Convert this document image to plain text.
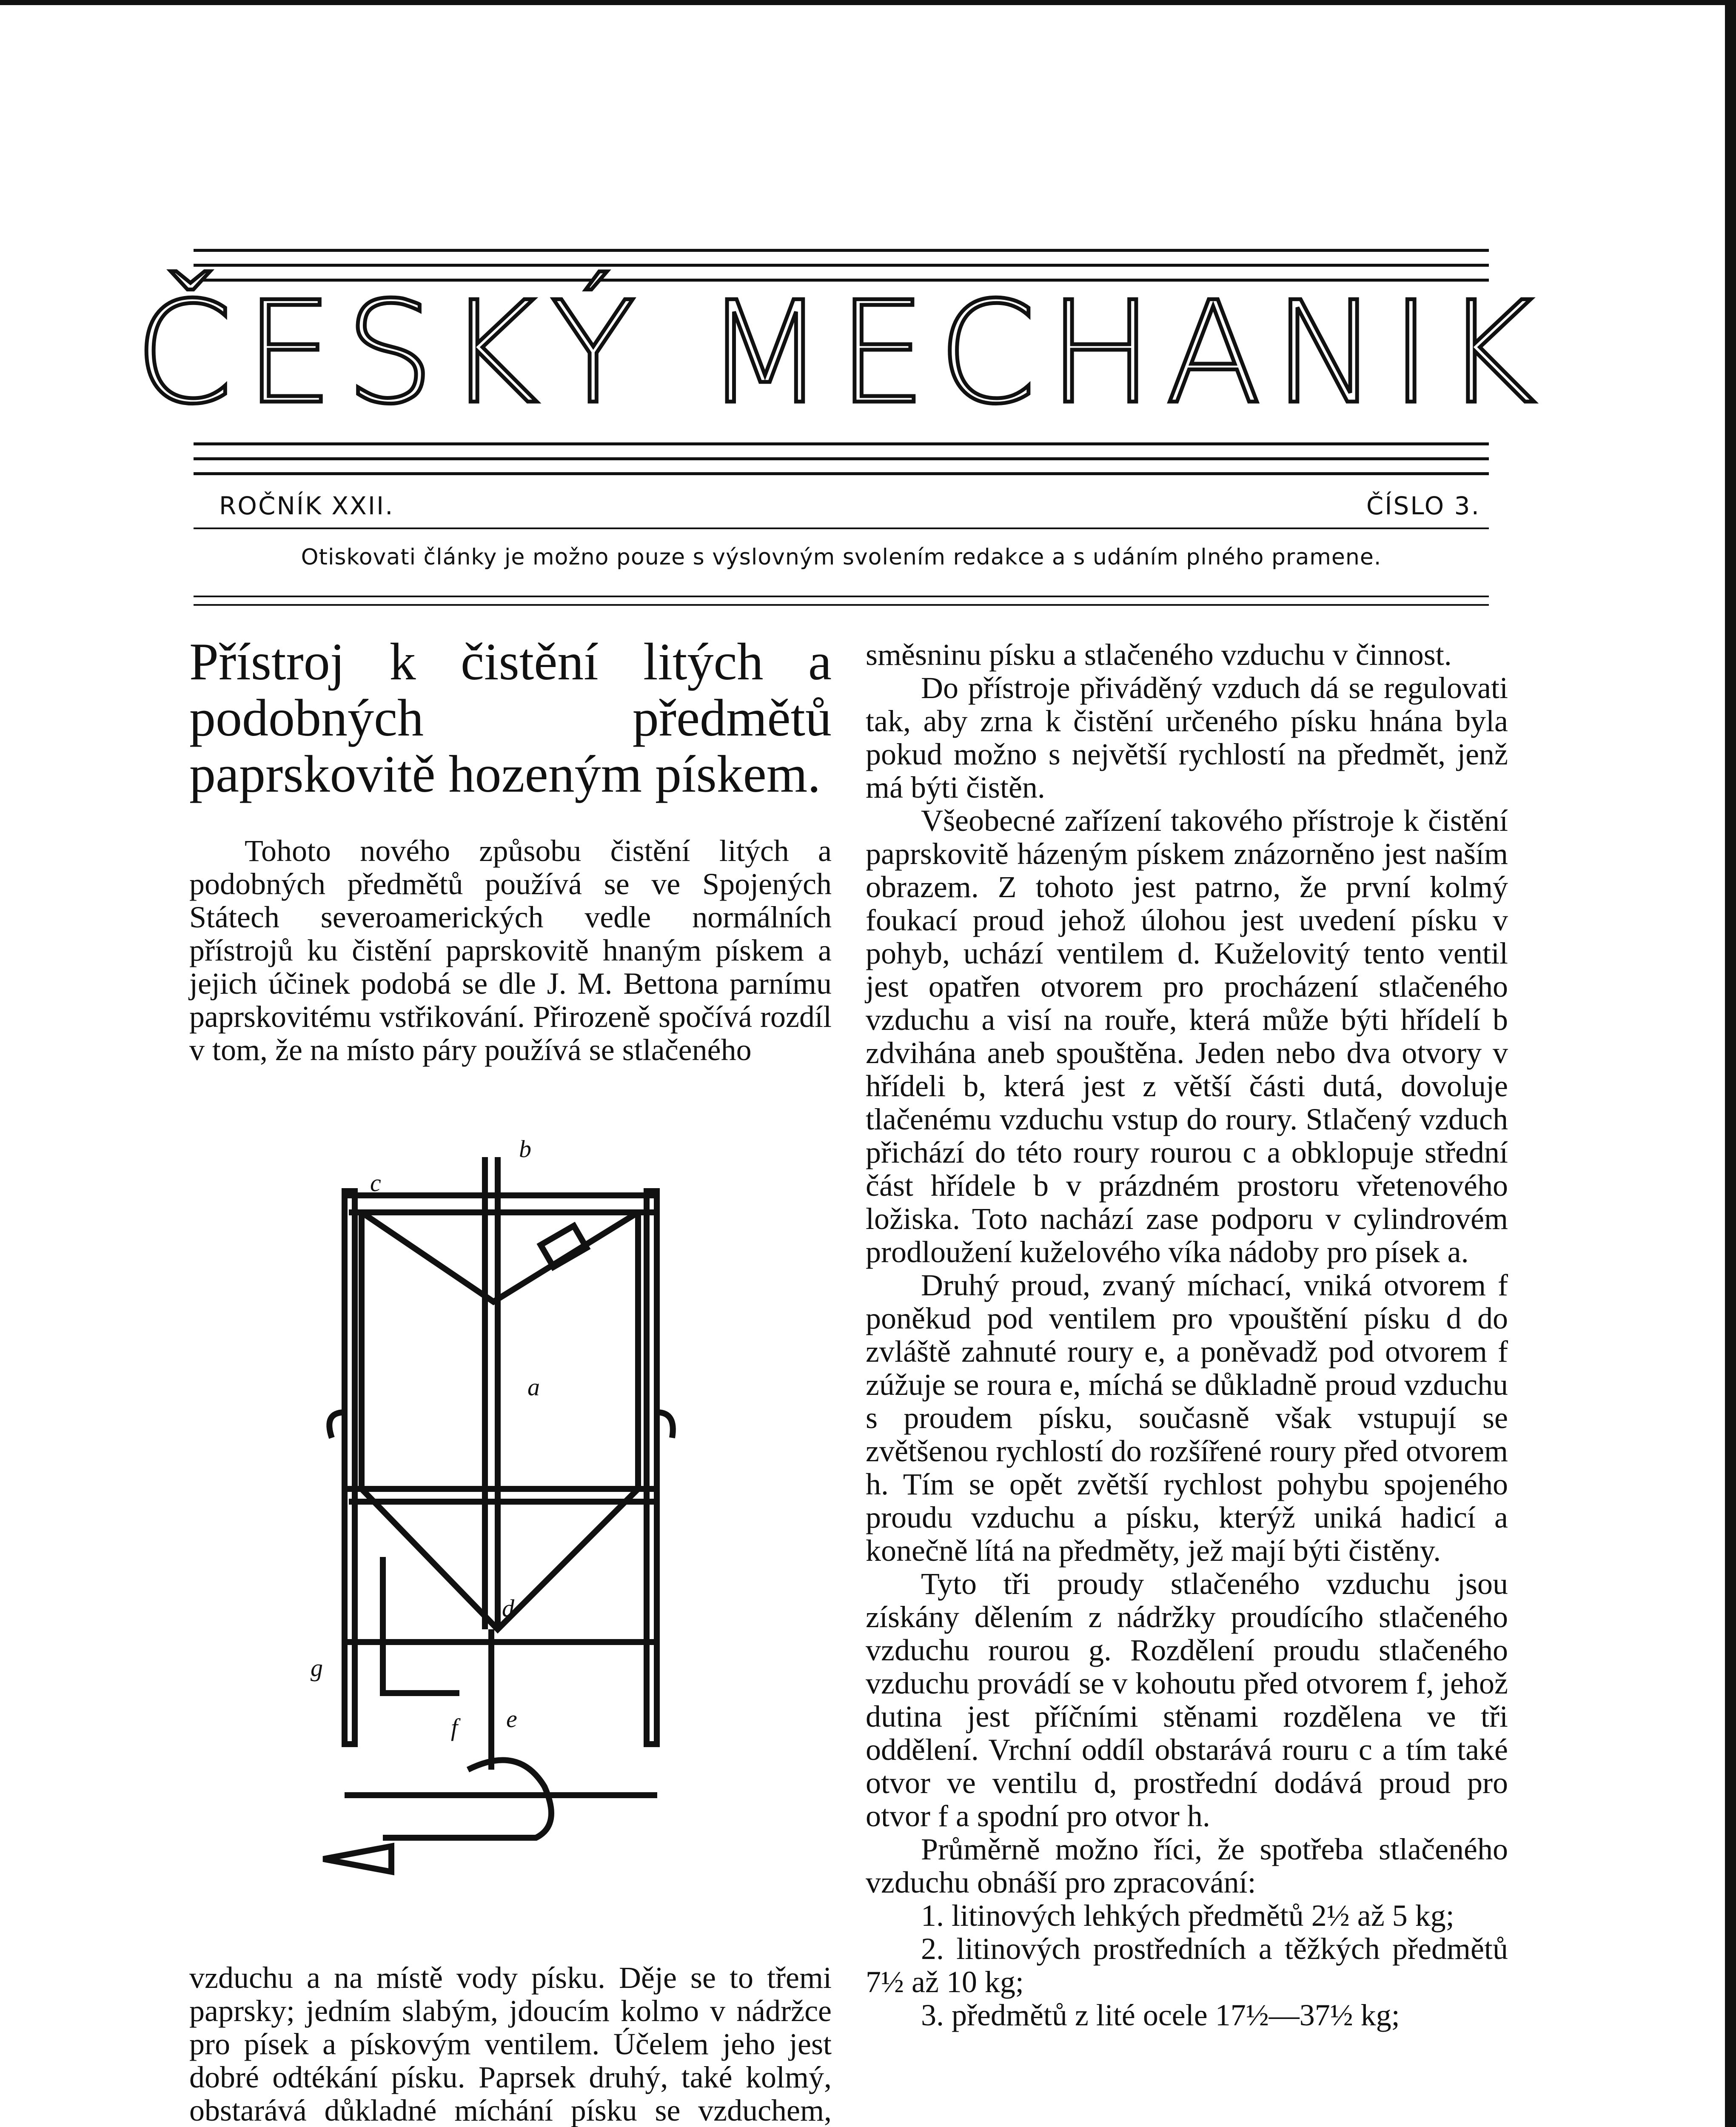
ČESKÝ MECHANIK
ROČNÍK XXII.	ČÍSLO 3.
Otiskovati články je možno pouze s výslovným svolením redakce a s udáním plného pramene.
Přístroj k čistění litých a podobných předmětů paprskovitě hozeným pískem.

Tohoto nového způsobu čistění litých a podobných předmětů používá se ve Spojených Státech severoamerických vedle normálních přístrojů ku čistění paprskovitě hnaným pískem a jejich účinek podobá se dle J. M. Bettona parnímu paprskovitému vstřikování. Přirozeně spočívá rozdíl v tom, že na místo páry používá se stlačeného

b
c
d
e
f
g
a

vzduchu a na místě vody písku. Děje se to třemi paprsky; jedním slabým, jdoucím kolmo v nádržce pro písek a pískovým ventilem. Účelem jeho jest dobré odtékání písku. Paprsek druhý, také kolmý, obstarává důkladné míchání písku se vzduchem,

směsninu písku a stlačeného vzduchu v činnost.

Do přístroje přiváděný vzduch dá se regulovati tak, aby zrna k čistění určeného písku hnána byla pokud možno s největší rychlostí na předmět, jenž má býti čistěn.

Všeobecné zařízení takového přístroje k čistění paprskovitě házeným pískem znázorněno jest naším obrazem. Z tohoto jest patrno, že první kolmý foukací proud jehož úlohou jest uvedení písku v pohyb, uchází ventilem d. Kuželovitý tento ventil jest opatřen otvorem pro procházení stlačeného vzduchu a visí na rouře, která může býti hřídelí b zdvihána aneb spouštěna. Jeden nebo dva otvory v hřídeli b, která jest z větší části dutá, dovoluje tlačenému vzduchu vstup do roury. Stlačený vzduch přichází do této roury rourou c a obklopuje střední část hřídele b v prázdném prostoru vřetenového ložiska. Toto nachází zase podporu v cylindrovém prodloužení kuželového víka nádoby pro písek a.

Druhý proud, zvaný míchací, vniká otvorem f poněkud pod ventilem pro vpouštění písku d do zvláště zahnuté roury e, a poněvadž pod otvorem f zúžuje se roura e, míchá se důkladně proud vzduchu s proudem písku, současně však vstupují se zvětšenou rychlostí do rozšířené roury před otvorem h. Tím se opět zvětší rychlost pohybu spojeného proudu vzduchu a písku, kterýž uniká hadicí a konečně lítá na předměty, jež mají býti čistěny.

Tyto tři proudy stlačeného vzduchu jsou získány dělením z nádržky proudícího stlačeného vzduchu rourou g. Rozdělení proudu stlačeného vzduchu provádí se v kohoutu před otvorem f, jehož dutina jest příčními stěnami rozdělena ve tři oddělení. Vrchní oddíl obstarává rouru c a tím také otvor ve ventilu d, prostřední dodává proud pro otvor f a spodní pro otvor h.

Průměrně možno říci, že spotřeba stlačeného vzduchu obnáší pro zpracování:

1. litinových lehkých předmětů 2½ až 5 kg;

2. litinových prostředních a těžkých předmětů 7½ až 10 kg;

3. předmětů z lité ocele 17½—37½ kg;
